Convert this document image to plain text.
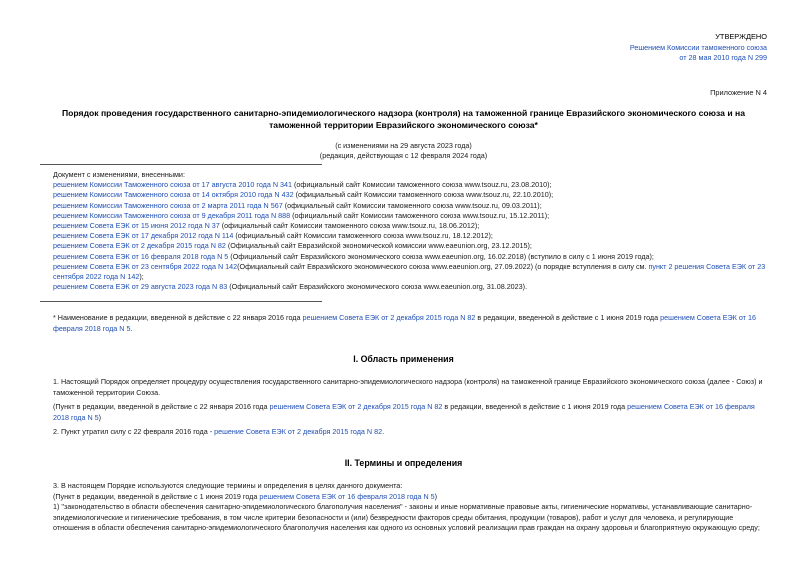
УТВЕРЖДЕНО
Решением Комиссии таможенного союза
от 28 мая 2010 года N 299
Приложение N 4
Порядок проведения государственного санитарно-эпидемиологического надзора (контроля) на таможенной границе Евразийского экономического союза и на таможенной территории Евразийского экономического союза*
(с изменениями на 29 августа 2023 года)
(редакция, действующая с 12 февраля 2024 года)
Документ с изменениями, внесенными:
решением Комиссии Таможенного союза от 17 августа 2010 года N 341 (официальный сайт Комиссии таможенного союза www.tsouz.ru, 23.08.2010);
решением Комиссии Таможенного союза от 14 октября 2010 года N 432 (официальный сайт Комиссии таможенного союза www.tsouz.ru, 22.10.2010);
решением Комиссии Таможенного союза от 2 марта 2011 года N 567 (официальный сайт Комиссии таможенного союза www.tsouz.ru, 09.03.2011);
решением Комиссии Таможенного союза от 9 декабря 2011 года N 888 (официальный сайт Комиссии таможенного союза www.tsouz.ru, 15.12.2011);
решением Совета ЕЭК от 15 июня 2012 года N 37 (официальный сайт Комиссии таможенного союза www.tsouz.ru, 18.06.2012);
решением Совета ЕЭК от 17 декабря 2012 года N 114 (официальный сайт Комиссии таможенного союза www.tsouz.ru, 18.12.2012);
решением Совета ЕЭК от 2 декабря 2015 года N 82 (Официальный сайт Евразийской экономической комиссии www.eaeunion.org, 23.12.2015);
решением Совета ЕЭК от 16 февраля 2018 года N 5 (Официальный сайт Евразийского экономического союза www.eaeunion.org, 16.02.2018) (вступило в силу с 1 июня 2019 года);
решением Совета ЕЭК от 23 сентября 2022 года N 142(Официальный сайт Евразийского экономического союза www.eaeunion.org, 27.09.2022) (о порядке вступления в силу см. пункт 2 решения Совета ЕЭК от 23 сентября 2022 года N 142);
решением Совета ЕЭК от 29 августа 2023 года N 83 (Официальный сайт Евразийского экономического союза www.eaeunion.org, 31.08.2023).
* Наименование в редакции, введенной в действие с 22 января 2016 года решением Совета ЕЭК от 2 декабря 2015 года N 82 в редакции, введенной в действие с 1 июня 2019 года решением Совета ЕЭК от 16 февраля 2018 года N 5.
I. Область применения
1. Настоящий Порядок определяет процедуру осуществления государственного санитарно-эпидемиологического надзора (контроля) на таможенной границе Евразийского экономического союза (далее - Союз) и таможенной территории Союза.
(Пункт в редакции, введенной в действие с 22 января 2016 года решением Совета ЕЭК от 2 декабря 2015 года N 82 в редакции, введенной в действие с 1 июня 2019 года решением Совета ЕЭК от 16 февраля 2018 года N 5)
2. Пункт утратил силу с 22 февраля 2016 года - решение Совета ЕЭК от 2 декабря 2015 года N 82.
II. Термины и определения
3. В настоящем Порядке используются следующие термины и определения в целях данного документа:
(Пункт в редакции, введенной в действие с 1 июня 2019 года решением Совета ЕЭК от 16 февраля 2018 года N 5)
1) "законодательство в области обеспечения санитарно-эпидемиологического благополучия населения" - законы и иные нормативные правовые акты, гигиенические нормативы, устанавливающие санитарно-эпидемиологические и гигиенические требования, в том числе критерии безопасности и (или) безвредности факторов среды обитания, продукции (товаров), работ и услуг для человека, и регулирующие отношения в области обеспечения санитарно-эпидемиологического благополучия населения как одного из основных условий реализации прав граждан на охрану здоровья и благоприятную окружающую среду;
